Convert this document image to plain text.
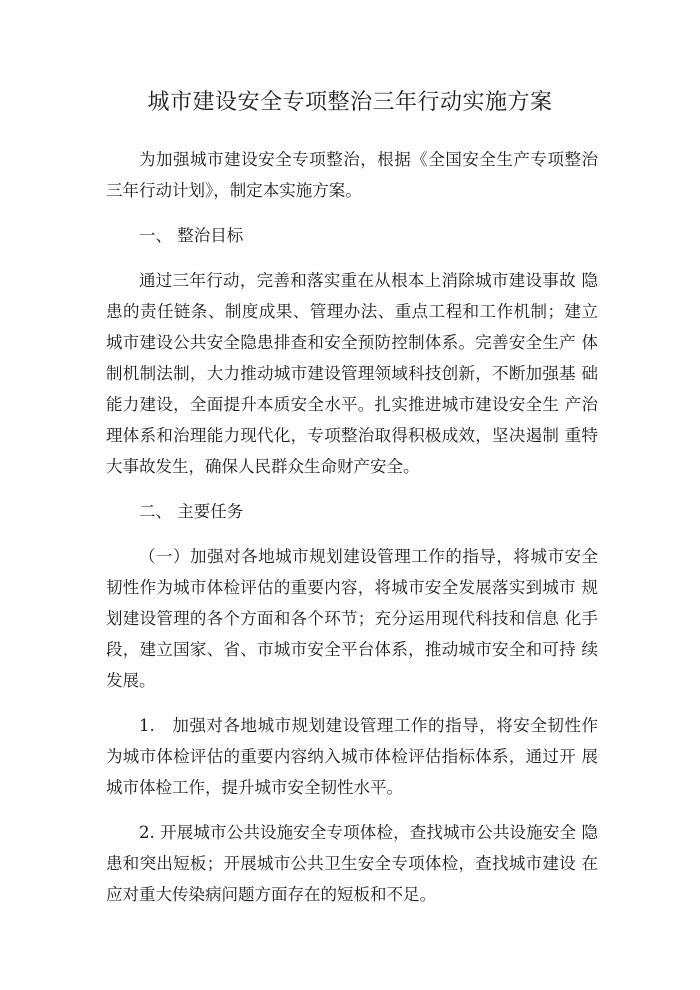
城市建设安全专项整治三年行动实施方案

为加强城市建设安全专项整治，根据《全国安全生产专项整治三年行动计划》，制定本实施方案。

一、 整治目标

通过三年行动，完善和落实重在从根本上消除城市建设事故 隐患的责任链条、制度成果、管理办法、重点工程和工作机制；建立 城市建设公共安全隐患排查和安全预防控制体系。完善安全生产 体制机制法制，大力推动城市建设管理领域科技创新，不断加强基 础能力建设，全面提升本质安全水平。扎实推进城市建设安全生 产治理体系和治理能力现代化，专项整治取得积极成效，坚决遏制 重特大事故发生，确保人民群众生命财产安全。

二、 主要任务

（一）加强对各地城市规划建设管理工作的指导，将城市安全韧性作为城市体检评估的重要内容，将城市安全发展落实到城市 规划建设管理的各个方面和各个环节；充分运用现代科技和信息 化手段，建立国家、省、市城市安全平台体系，推动城市安全和可持 续发展。

1.　加强对各地城市规划建设管理工作的指导，将安全韧性作为城市体检评估的重要内容纳入城市体检评估指标体系，通过开 展城市体检工作，提升城市安全韧性水平。

2. 开展城市公共设施安全专项体检，查找城市公共设施安全 隐患和突出短板；开展城市公共卫生安全专项体检，查找城市建设 在应对重大传染病问题方面存在的短板和不足。
